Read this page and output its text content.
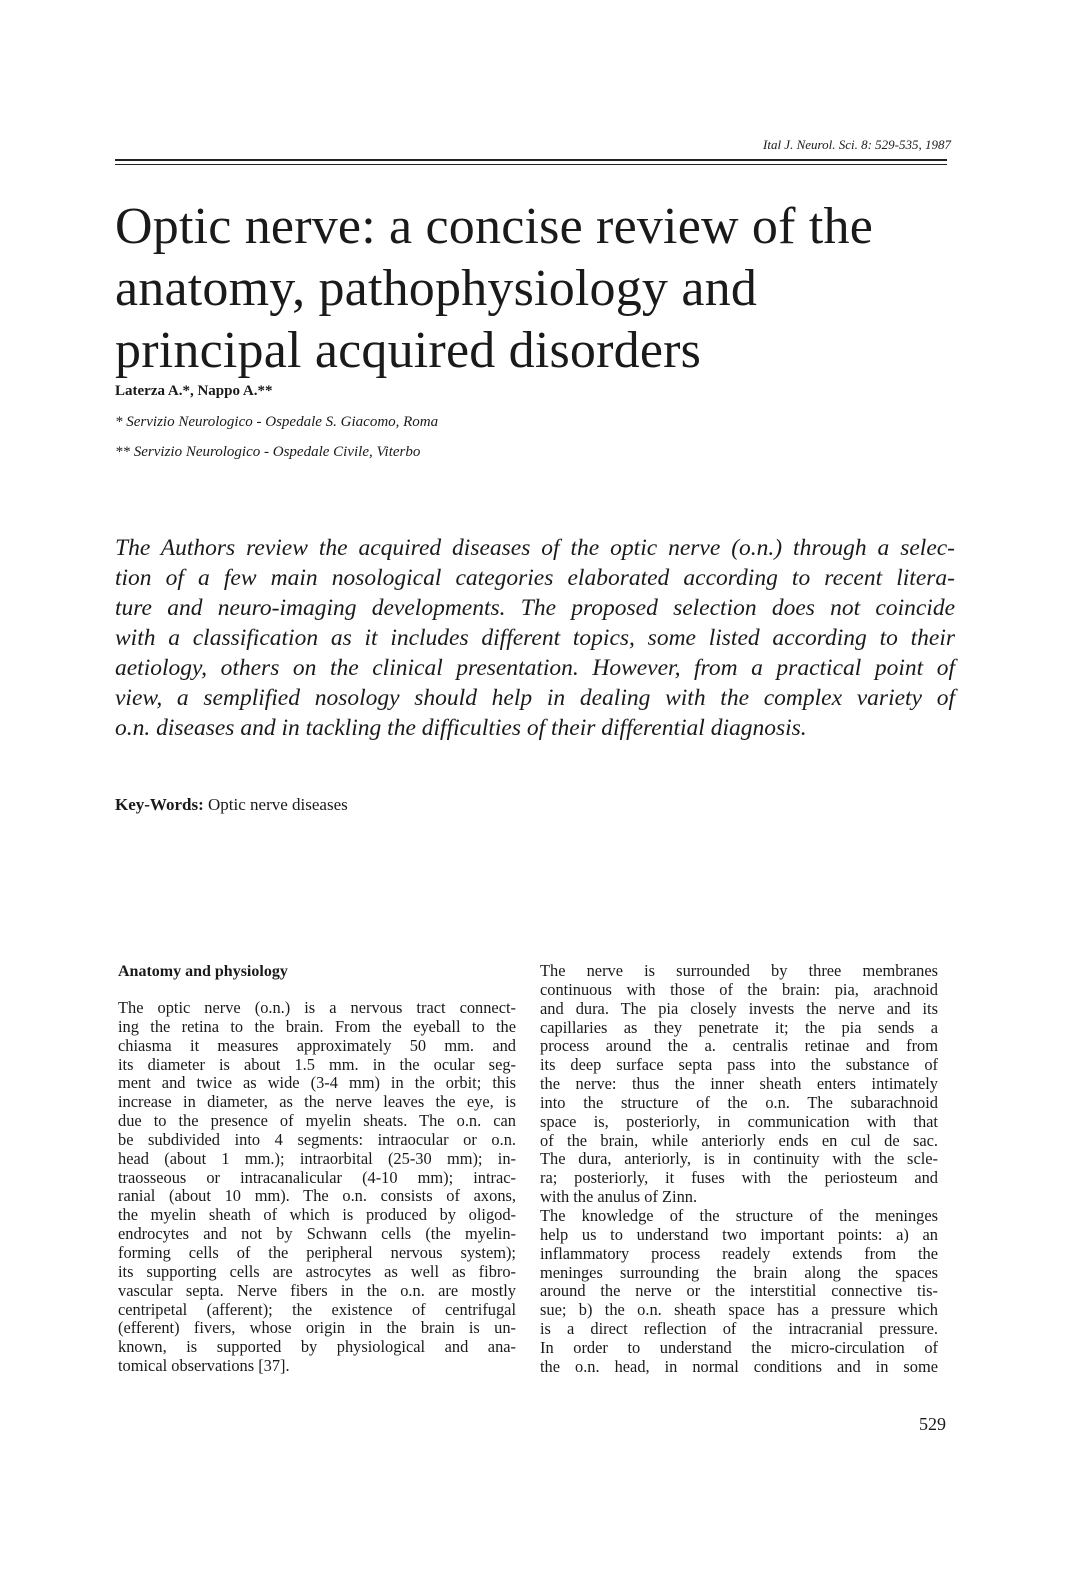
Ital J. Neurol. Sci. 8: 529-535, 1987
Optic nerve: a concise review of the
anatomy, pathophysiology and
principal acquired disorders
Laterza A.*, Nappo A.**
* Servizio Neurologico - Ospedale S. Giacomo, Roma
** Servizio Neurologico - Ospedale Civile, Viterbo
The Authors review the acquired diseases of the optic nerve (o.n.) through a selec-
tion of a few main nosological categories elaborated according to recent litera-
ture and neuro-imaging developments. The proposed selection does not coincide
with a classification as it includes different topics, some listed according to their
aetiology, others on the clinical presentation. However, from a practical point of
view, a semplified nosology should help in dealing with the complex variety of
o.n. diseases and in tackling the difficulties of their differential diagnosis.
Key-Words: Optic nerve diseases
Anatomy and physiology
The optic nerve (o.n.) is a nervous tract connect-
ing the retina to the brain. From the eyeball to the
chiasma it measures approximately 50 mm. and
its diameter is about 1.5 mm. in the ocular seg-
ment and twice as wide (3-4 mm) in the orbit; this
increase in diameter, as the nerve leaves the eye, is
due to the presence of myelin sheats. The o.n. can
be subdivided into 4 segments: intraocular or o.n.
head (about 1 mm.); intraorbital (25-30 mm); in-
traosseous or intracanalicular (4-10 mm); intrac-
ranial (about 10 mm). The o.n. consists of axons,
the myelin sheath of which is produced by oligod-
endrocytes and not by Schwann cells (the myelin-
forming cells of the peripheral nervous system);
its supporting cells are astrocytes as well as fibro-
vascular septa. Nerve fibers in the o.n. are mostly
centripetal (afferent); the existence of centrifugal
(efferent) fivers, whose origin in the brain is un-
known, is supported by physiological and ana-
tomical observations [37].
The nerve is surrounded by three membranes
continuous with those of the brain: pia, arachnoid
and dura. The pia closely invests the nerve and its
capillaries as they penetrate it; the pia sends a
process around the a. centralis retinae and from
its deep surface septa pass into the substance of
the nerve: thus the inner sheath enters intimately
into the structure of the o.n. The subarachnoid
space is, posteriorly, in communication with that
of the brain, while anteriorly ends en cul de sac.
The dura, anteriorly, is in continuity with the scle-
ra; posteriorly, it fuses with the periosteum and
with the anulus of Zinn.
The knowledge of the structure of the meninges
help us to understand two important points: a) an
inflammatory process readely extends from the
meninges surrounding the brain along the spaces
around the nerve or the interstitial connective tis-
sue; b) the o.n. sheath space has a pressure which
is a direct reflection of the intracranial pressure.
In order to understand the micro-circulation of
the o.n. head, in normal conditions and in some
529
